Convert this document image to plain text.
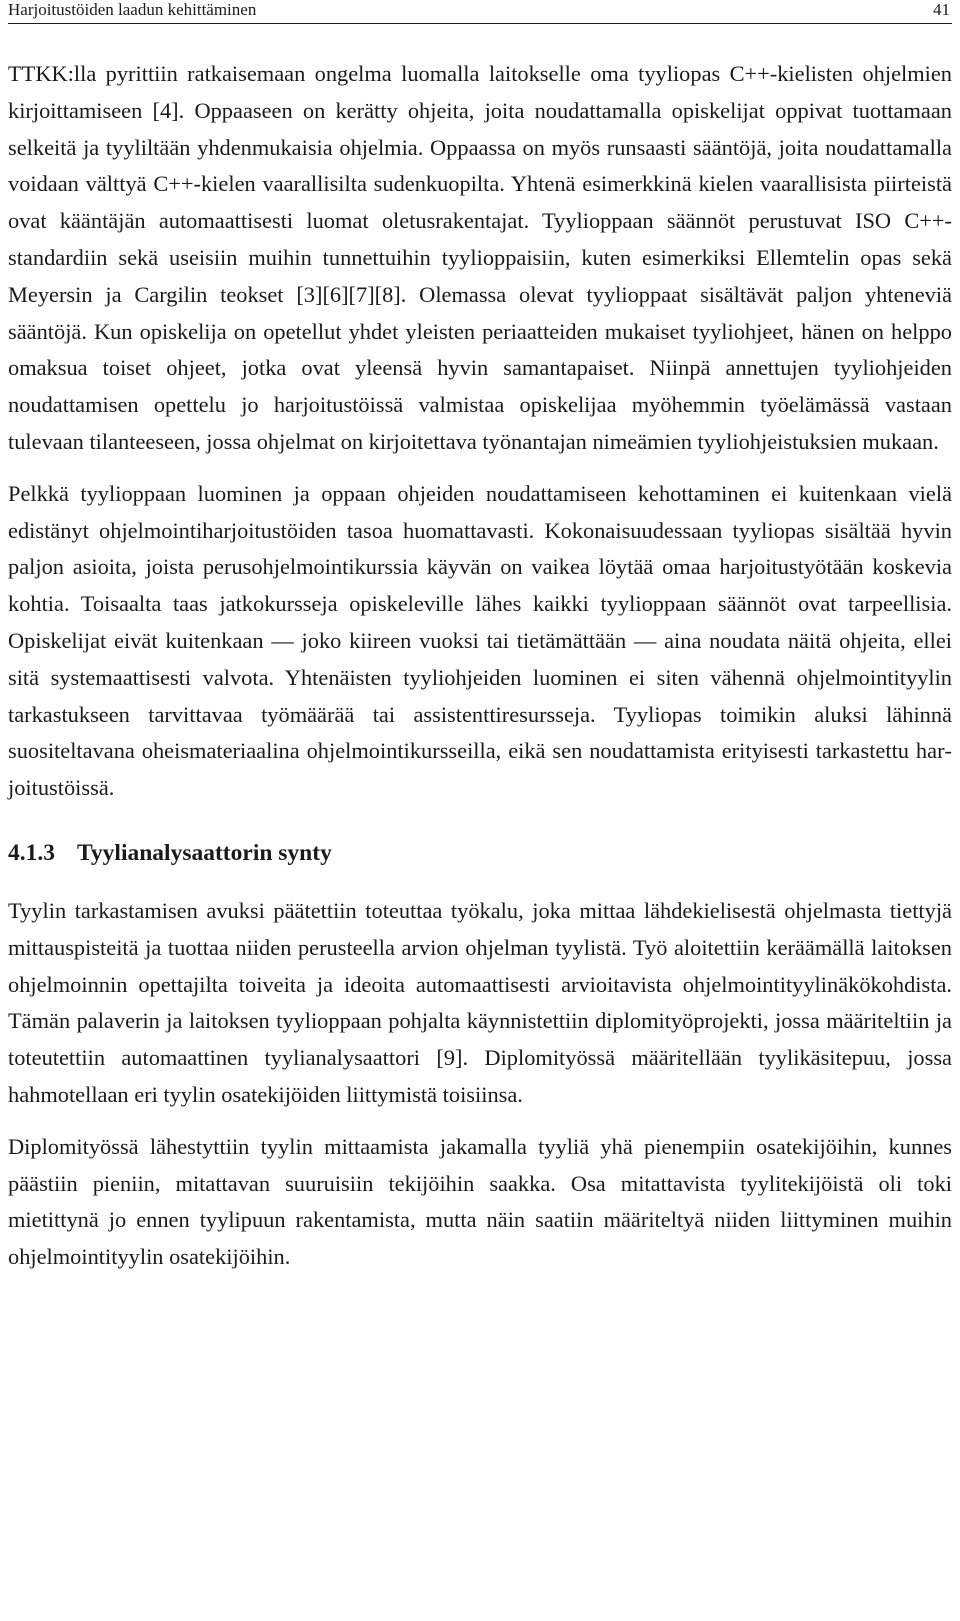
Harjoitustöiden laadun kehittäminen	41

TTKK:lla pyrittiin ratkaisemaan ongelma luomalla laitokselle oma tyyliopas C++-kielisten ohjelmien kirjoittamiseen [4]. Oppaaseen on kerätty ohjeita, joita noudattamalla opiskelijat oppivat tuottamaan selkeitä ja tyyliltään yhdenmukaisia ohjelmia. Oppaassa on myös runsaasti sääntöjä, joita noudattamalla voidaan välttyä C++-kielen vaarallisilta sudenkuopilta. Yhtenä esimerkkinä kielen vaarallisista piirteistä ovat kääntäjän automaattisesti luomat oletusrakentajat. Tyylioppaan säännöt perustuvat ISO C++-standardiin sekä useisiin muihin tunnettuihin tyylioppaisiin, kuten esimerkiksi Ellemtelin opas sekä Meyersin ja Cargilin teokset [3][6][7][8]. Olemassa olevat tyylioppaat sisältävät paljon yhteneviä sääntöjä. Kun opiskelija on opetellut yhdet yleisten periaatteiden mukaiset tyyliohjeet, hänen on helppo omaksua toiset ohjeet, jotka ovat yleensä hyvin samantapaiset. Niinpä annettujen tyyliohjeiden noudattamisen opettelu jo harjoitustöissä valmistaa opiskelijaa myöhemmin työelämässä vastaan tulevaan tilanteeseen, jossa ohjelmat on kirjoitettava työnantajan nimeämien tyyliohjeistuksien mukaan.

Pelkkä tyylioppaan luominen ja oppaan ohjeiden noudattamiseen kehottaminen ei kuitenkaan vielä edistänyt ohjelmointiharjoitustöiden tasoa huomattavasti. Kokonaisuudessaan tyyliopas sisältää hyvin paljon asioita, joista perusohjelmointikurssia käyvän on vaikea löytää omaa harjoitustyötään koskevia kohtia. Toisaalta taas jatkokursseja opiskeleville lähes kaikki tyylioppaan säännöt ovat tarpeellisia. Opiskelijat eivät kuitenkaan — joko kiireen vuoksi tai tietämättään — aina noudata näitä ohjeita, ellei sitä systemaattisesti valvota. Yhtenäisten tyyliohjeiden luominen ei siten vähennä ohjelmointityylin tarkastukseen tarvittavaa työmäärää tai assistenttiresursseja. Tyyliopas toimikin aluksi lähinnä suositeltavana oheismateriaalina ohjelmointikursseilla, eikä sen noudattamista erityisesti tarkastettu harjoitustöissä.

4.1.3 Tyylianalysaattorin synty

Tyylin tarkastamisen avuksi päätettiin toteuttaa työkalu, joka mittaa lähdekielisestä ohjelmasta tiettyjä mittauspisteitä ja tuottaa niiden perusteella arvion ohjelman tyylistä. Työ aloitettiin keräämällä laitoksen ohjelmoinnin opettajilta toiveita ja ideoita automaattisesti arvioitavista ohjelmointityylinäkökohdista. Tämän palaverin ja laitoksen tyylioppaan pohjalta käynnistettiin diplomityöprojekti, jossa määriteltiin ja toteutettiin automaattinen tyylianalysaattori [9]. Diplomityössä määritellään tyylikäsitepuu, jossa hahmotellaan eri tyylin osatekijöiden liittymistä toisiinsa.

Diplomityössä lähestyttiin tyylin mittaamista jakamalla tyyliä yhä pienempiin osatekijöihin, kunnes päästiin pieniin, mitattavan suuruisiin tekijöihin saakka. Osa mitattavista tyylitekijöistä oli toki mietittynä jo ennen tyylipuun rakentamista, mutta näin saatiin määriteltyä niiden liittyminen muihin ohjelmointityylin osatekijöihin.
